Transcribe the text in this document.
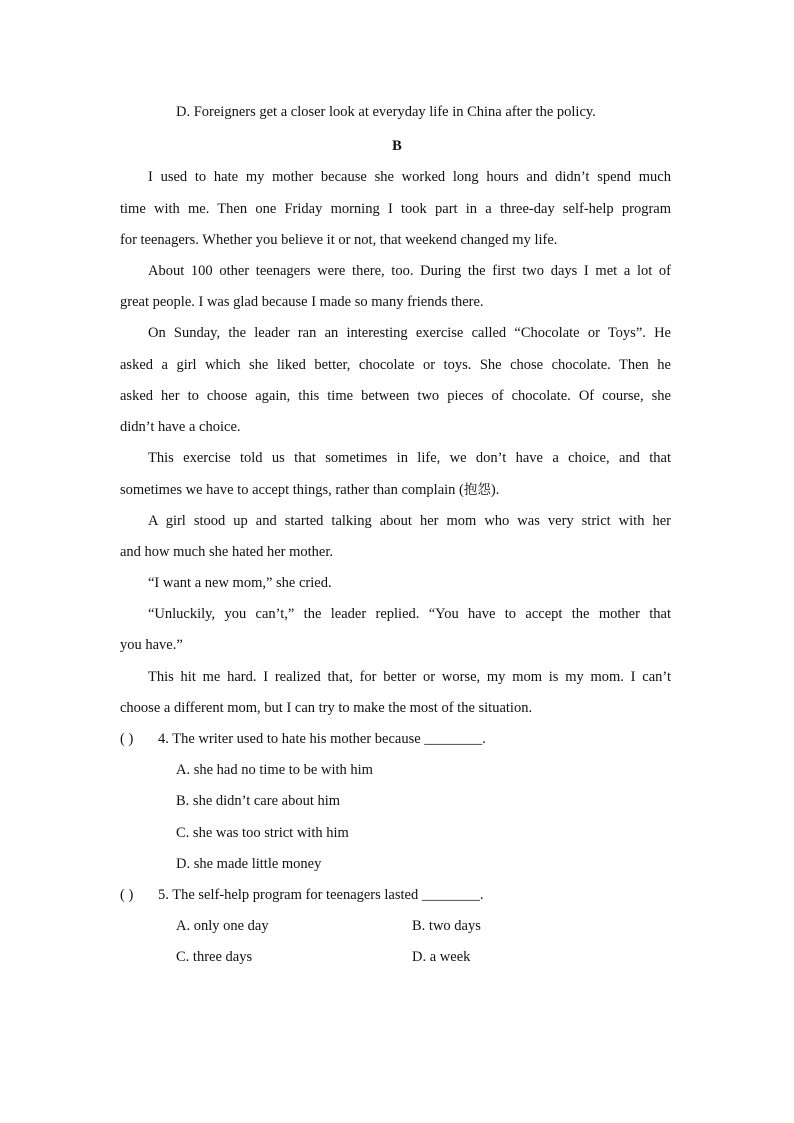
D. Foreigners get a closer look at everyday life in China after the policy.
B
I used to hate my mother because she worked long hours and didn’t spend much
time with me. Then one Friday morning I took part in a three-day self-help program
for teenagers. Whether you believe it or not, that weekend changed my life.
About 100 other teenagers were there, too. During the first two days I met a lot of
great people. I was glad because I made so many friends there.
On Sunday, the leader ran an interesting exercise called “Chocolate or Toys”. He
asked a girl which she liked better, chocolate or toys. She chose chocolate. Then he
asked her to choose again, this time between two pieces of chocolate. Of course, she
didn’t have a choice.
This exercise told us that sometimes in life, we don’t have a choice, and that
sometimes we have to accept things, rather than complain (抱怨).
A girl stood up and started talking about her mom who was very strict with her
and how much she hated her mother.
“I want a new mom,” she cried.
“Unluckily, you can’t,” the leader replied. “You have to accept the mother that
you have.”
This hit me hard. I realized that, for better or worse, my mom is my mom. I can’t
choose a different mom, but I can try to make the most of the situation.
( ) 4. The writer used to hate his mother because ________.
A. she had no time to be with him
B. she didn’t care about him
C. she was too strict with him
D. she made little money
( ) 5. The self-help program for teenagers lasted ________.
A. only one day	B. two days
C. three days	D. a week
